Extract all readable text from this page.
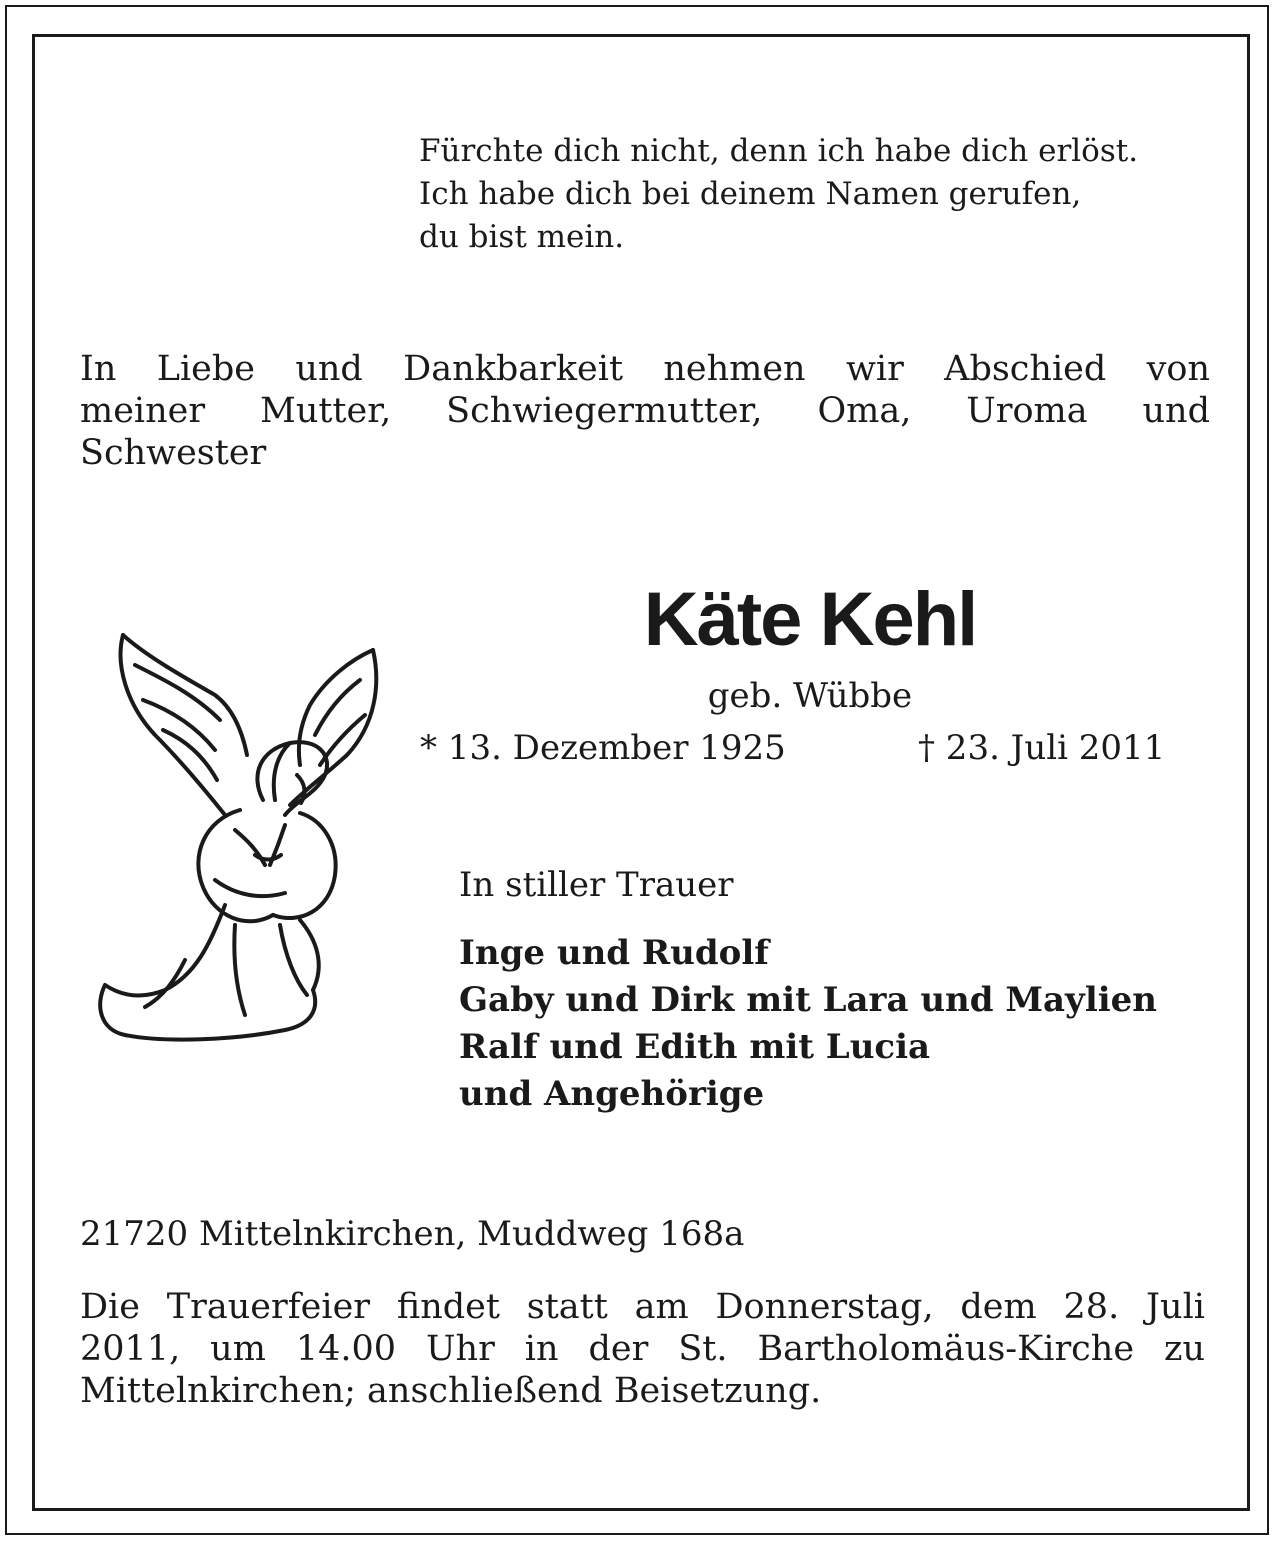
Fürchte dich nicht, denn ich habe dich erlöst.
Ich habe dich bei deinem Namen gerufen,
du bist mein.
In Liebe und Dankbarkeit nehmen wir Abschied von
meiner Mutter, Schwiegermutter, Oma, Uroma und
Schwester
Käte Kehl
geb. Wübbe
* 13. Dezember 1925	† 23. Juli 2011
In stiller Trauer
Inge und Rudolf
Gaby und Dirk mit Lara und Maylien
Ralf und Edith mit Lucia
und Angehörige
21720 Mittelnkirchen, Muddweg 168a
Die Trauerfeier findet statt am Donnerstag, dem 28. Juli
2011, um 14.00 Uhr in der St. Bartholomäus-Kirche zu
Mittelnkirchen; anschließend Beisetzung.
